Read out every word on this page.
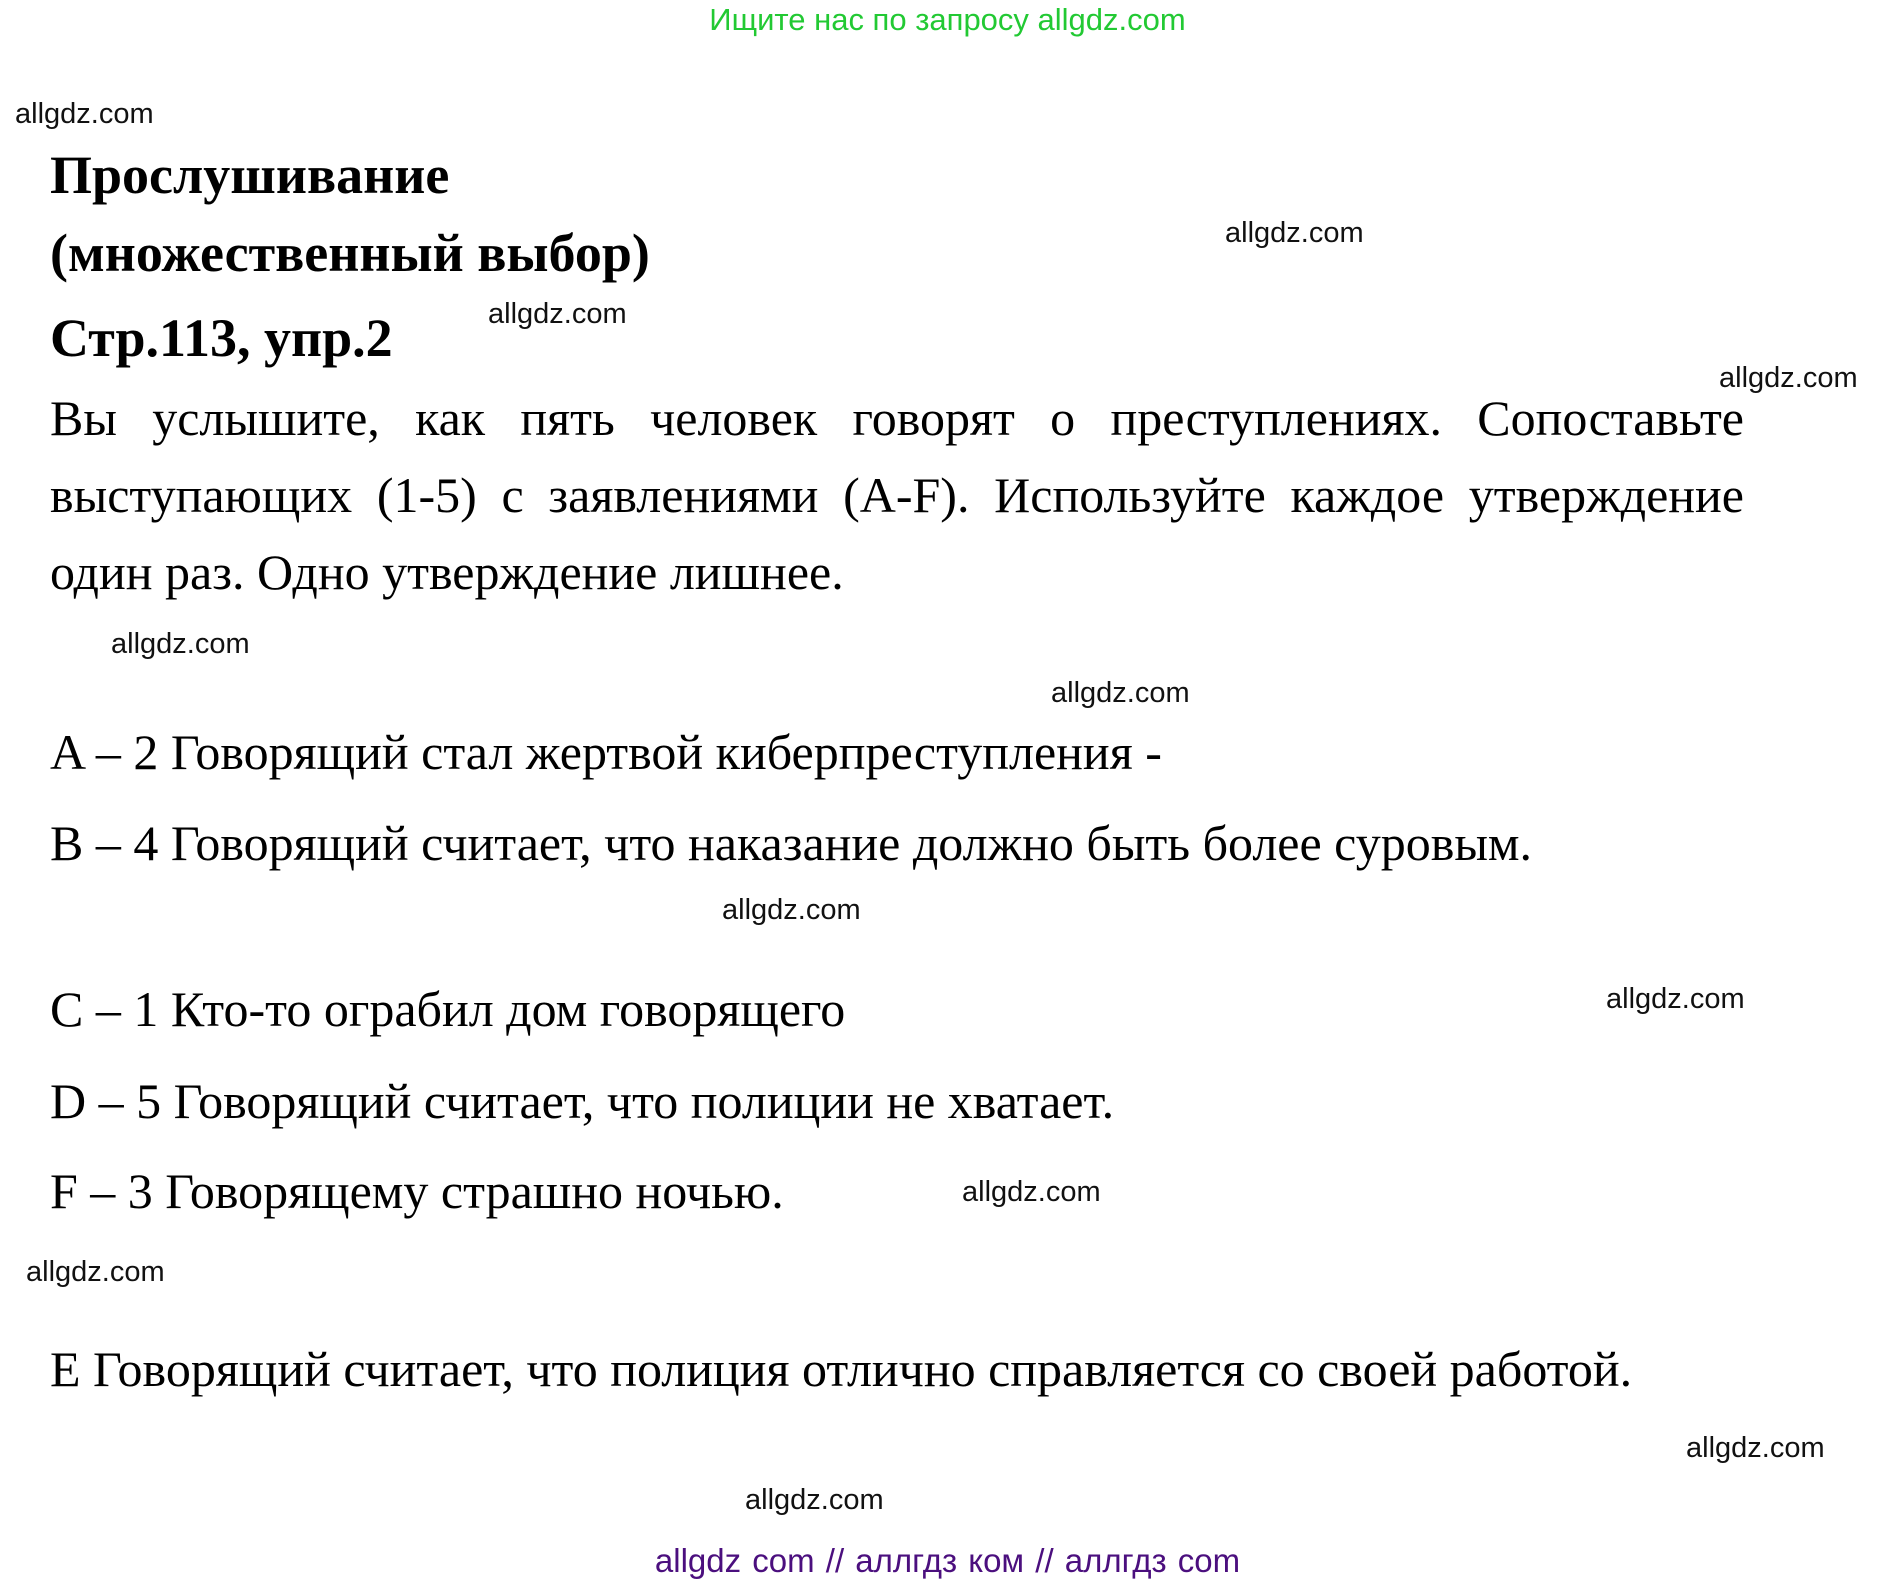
Ищите нас по запросу allgdz.com
allgdz.com
allgdz.com
allgdz.com
allgdz.com
allgdz.com
allgdz.com
allgdz.com
allgdz.com
allgdz.com
allgdz.com
allgdz.com
allgdz.com
Прослушивание
(множественный выбор)
Стр.113, упр.2
Вы услышите, как пять человек говорят о преступлениях. Сопоставьте выступающих (1-5) с заявлениями (A-F). Используйте каждое утверждение один раз. Одно утверждение лишнее.
A – 2 Говорящий стал жертвой киберпреступления -
B – 4 Говорящий считает, что наказание должно быть более суровым.
C – 1 Кто-то ограбил дом говорящего
D – 5 Говорящий считает, что полиции не хватает.
F – 3 Говорящему страшно ночью.
E Говорящий считает, что полиция отлично справляется со своей работой.
allgdz com // аллгдз ком // аллгдз com
